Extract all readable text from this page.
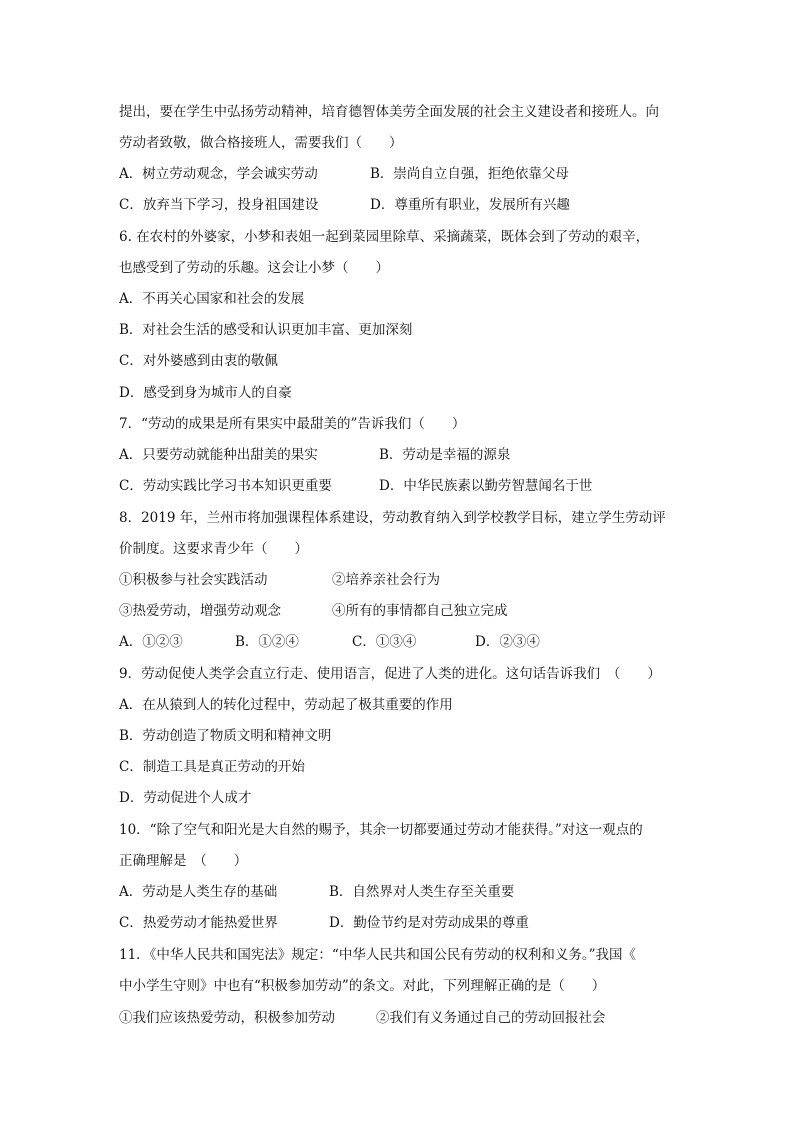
提出，要在学生中弘扬劳动精神，培育德智体美劳全面发展的社会主义建设者和接班人。向
劳动者致敬，做合格接班人，需要我们（　　）
A．树立劳动观念，学会诚实劳动	B．崇尚自立自强，拒绝依靠父母
C．放弃当下学习，投身祖国建设	D．尊重所有职业，发展所有兴趣
6. 在农村的外婆家，小梦和表姐一起到菜园里除草、采摘蔬菜，既体会到了劳动的艰辛，
也感受到了劳动的乐趣。这会让小梦（　　）
A．不再关心国家和社会的发展
B．对社会生活的感受和认识更加丰富、更加深刻
C．对外婆感到由衷的敬佩
D．感受到身为城市人的自豪
7．“劳动的成果是所有果实中最甜美的”告诉我们（　　）
A．只要劳动就能种出甜美的果实	B．劳动是幸福的源泉
C．劳动实践比学习书本知识更重要	D．中华民族素以勤劳智慧闻名于世
8．2019 年，兰州市将加强课程体系建设，劳动教育纳入到学校教学目标，建立学生劳动评
价制度。这要求青少年（　　）
①积极参与社会实践活动	②培养亲社会行为
③热爱劳动，增强劳动观念	④所有的事情都自己独立完成
A．①②③	B．①②④	C．①③④	D．②③④
9．劳动促使人类学会直立行走、使用语言，促进了人类的进化。这句话告诉我们　（　　）
A．在从猿到人的转化过程中，劳动起了极其重要的作用
B．劳动创造了物质文明和精神文明
C．制造工具是真正劳动的开始
D．劳动促进个人成才
10．“除了空气和阳光是大自然的赐予，其余一切都要通过劳动才能获得。”对这一观点的
正确理解是　（　　）
A．劳动是人类生存的基础	B．自然界对人类生存至关重要
C．热爱劳动才能热爱世界	D．勤俭节约是对劳动成果的尊重
11．《中华人民共和国宪法》规定：“中华人民共和国公民有劳动的权利和义务。”我国《
中小学生守则》中也有“积极参加劳动”的条文。对此，下列理解正确的是（　　）
①我们应该热爱劳动，积极参加劳动	②我们有义务通过自己的劳动回报社会
